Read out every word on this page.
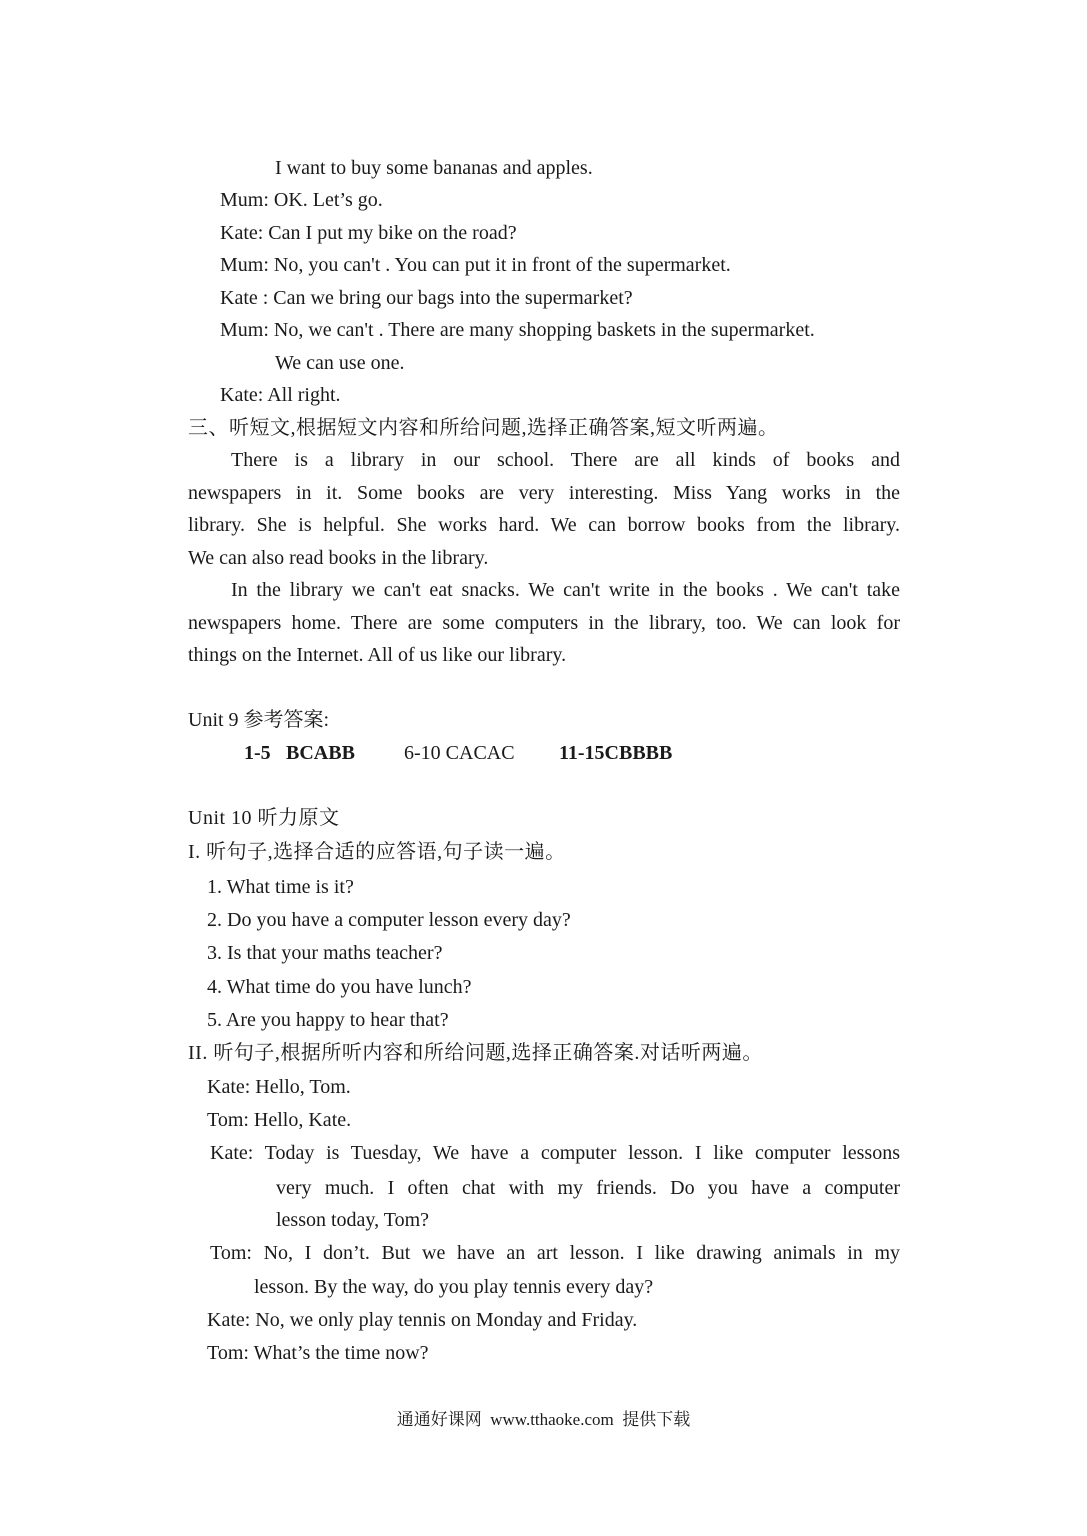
I want to buy some bananas and apples.
Mum: OK. Let’s go.
Kate: Can I put my bike on the road?
Mum: No, you can't . You can put it in front of the supermarket.
Kate : Can we bring our bags into the supermarket?
Mum: No, we can't . There are many shopping baskets in the supermarket.
We can use one.
Kate: All right.
三、听短文,根据短文内容和所给问题,选择正确答案,短文听两遍。
There is a library in our school. There are all kinds of books and
newspapers in it. Some books are very interesting. Miss Yang works in the
library. She is helpful. She works hard. We can borrow books from the library.
We can also read books in the library.
In the library we can't eat snacks. We can't write in the books . We can't take
newspapers home. There are some computers in the library, too. We can look for
things on the Internet. All of us like our library.
Unit 9 参考答案:
1-5 BCABB 6-10 CACAC 11-15CBBBB
Unit 10 听力原文
I. 听句子,选择合适的应答语,句子读一遍。
1. What time is it?
2. Do you have a computer lesson every day?
3. Is that your maths teacher?
4. What time do you have lunch?
5. Are you happy to hear that?
II. 听句子,根据所听内容和所给问题,选择正确答案.对话听两遍。
Kate: Hello, Tom.
Tom: Hello, Kate.
Kate: Today is Tuesday, We have a computer lesson. I like computer lessons
very much. I often chat with my friends. Do you have a computer
lesson today, Tom?
Tom: No, I don’t. But we have an art lesson. I like drawing animals in my
lesson. By the way, do you play tennis every day?
Kate: No, we only play tennis on Monday and Friday.
Tom: What’s the time now?
通通好课网  www.tthaoke.com  提供下载
